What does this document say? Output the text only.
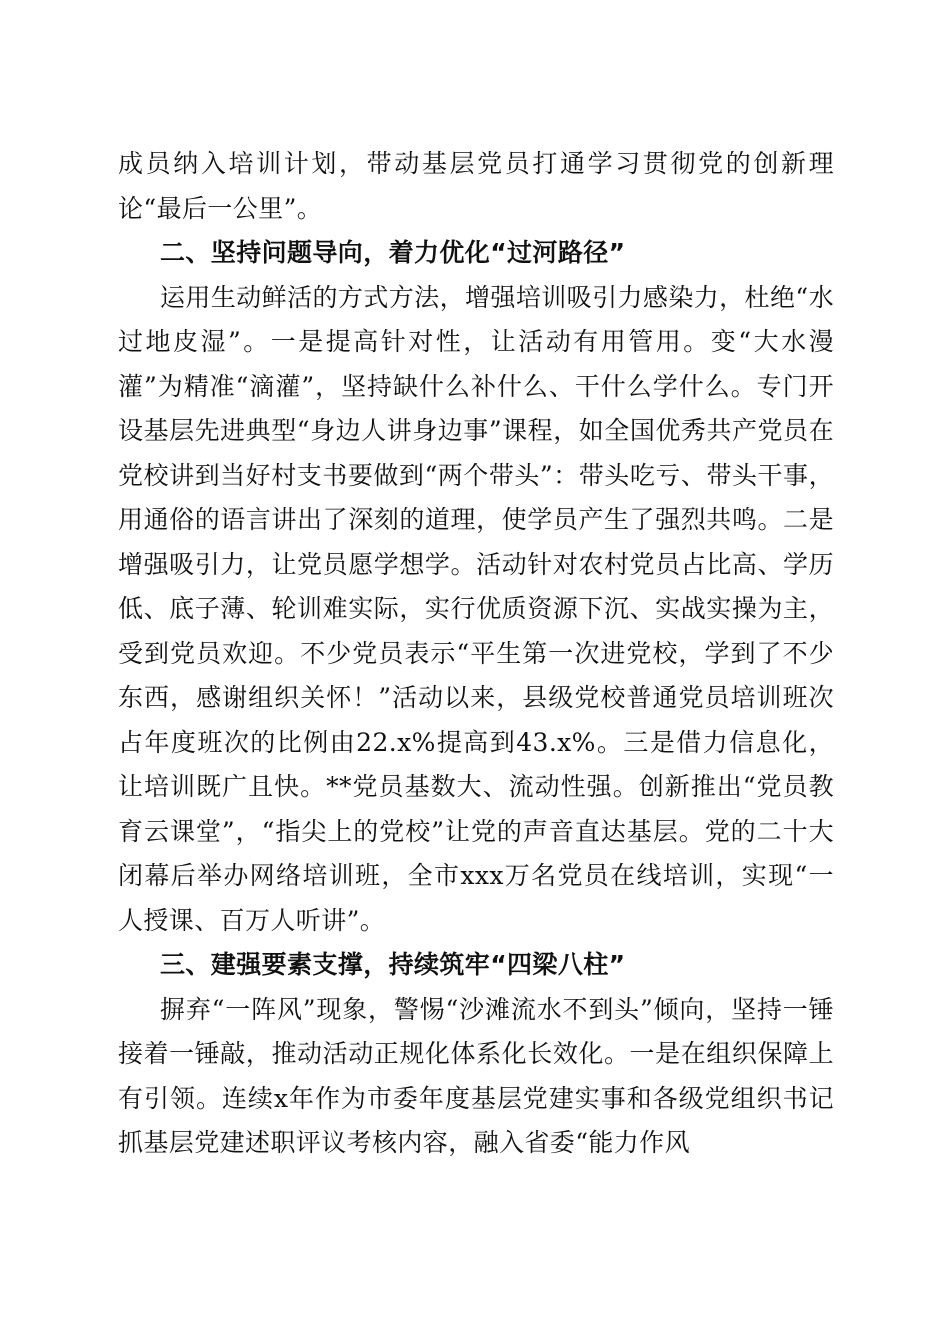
成员纳入培训计划，带动基层党员打通学习贯彻党的创新理论“最后一公里”。

二、坚持问题导向，着力优化“过河路径”

运用生动鲜活的方式方法，增强培训吸引力感染力，杜绝“水过地皮湿”。一是提高针对性，让活动有用管用。变“大水漫灌”为精准“滴灌”，坚持缺什么补什么、干什么学什么。专门开设基层先进典型“身边人讲身边事”课程，如全国优秀共产党员在党校讲到当好村支书要做到“两个带头”：带头吃亏、带头干事，用通俗的语言讲出了深刻的道理，使学员产生了强烈共鸣。二是增强吸引力，让党员愿学想学。活动针对农村党员占比高、学历低、底子薄、轮训难实际，实行优质资源下沉、实战实操为主，受到党员欢迎。不少党员表示“平生第一次进党校，学到了不少东西，感谢组织关怀！”活动以来，县级党校普通党员培训班次占年度班次的比例由22.x%提高到43.x%。三是借力信息化，让培训既广且快。**党员基数大、流动性强。创新推出“党员教育云课堂”，“指尖上的党校”让党的声音直达基层。党的二十大闭幕后举办网络培训班，全市xxx万名党员在线培训，实现“一人授课、百万人听讲”。

三、建强要素支撑，持续筑牢“四梁八柱”

摒弃“一阵风”现象，警惕“沙滩流水不到头”倾向，坚持一锤接着一锤敲，推动活动正规化体系化长效化。一是在组织保障上有引领。连续x年作为市委年度基层党建实事和各级党组织书记抓基层党建述职评议考核内容，融入省委“能力作风
